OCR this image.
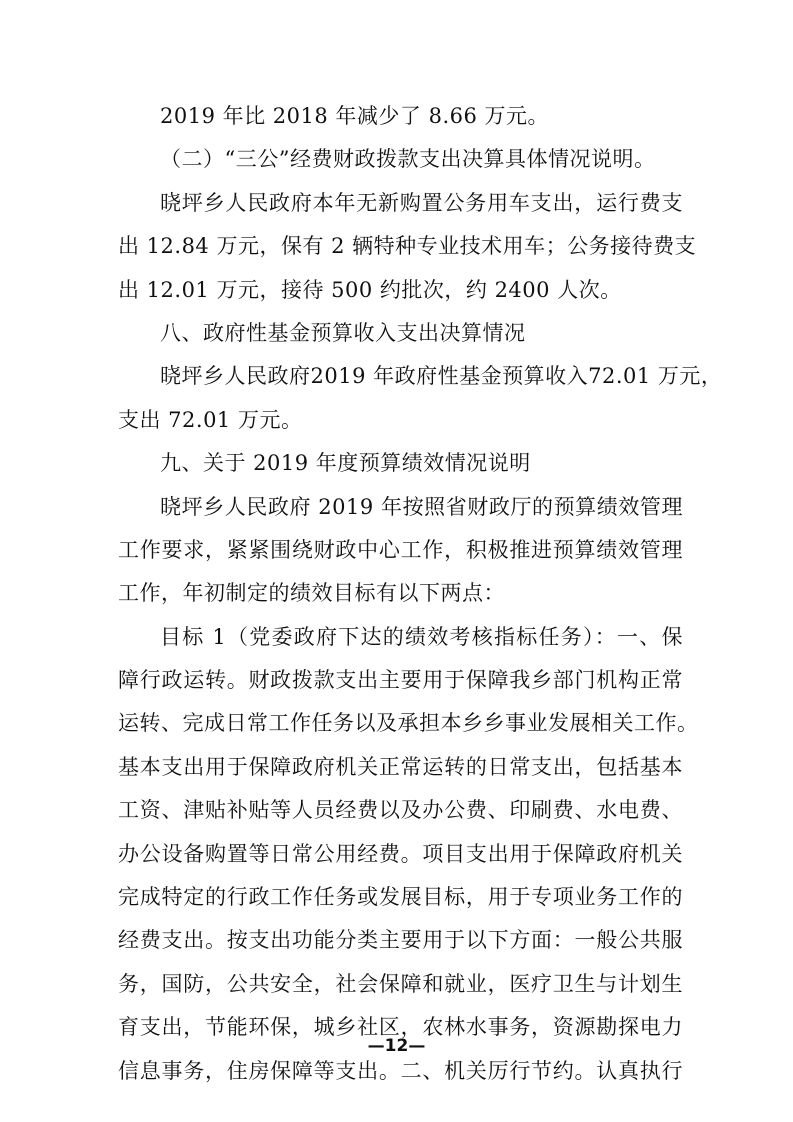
2019 年比 2018 年减少了 8.66 万元。
（二）“三公”经费财政拨款支出决算具体情况说明。
晓坪乡人民政府本年无新购置公务用车支出，运行费支
出 12.84 万元，保有 2 辆特种专业技术用车；公务接待费支
出 12.01 万元，接待 500 约批次，约 2400 人次。
八、政府性基金预算收入支出决算情况
晓坪乡人民政府2019 年政府性基金预算收入72.01 万元，
支出 72.01 万元。
九、关于 2019 年度预算绩效情况说明
晓坪乡人民政府 2019 年按照省财政厅的预算绩效管理
工作要求，紧紧围绕财政中心工作，积极推进预算绩效管理
工作，年初制定的绩效目标有以下两点：
目标 1（党委政府下达的绩效考核指标任务）：一、保
障行政运转。财政拨款支出主要用于保障我乡部门机构正常
运转、完成日常工作任务以及承担本乡乡事业发展相关工作。
基本支出用于保障政府机关正常运转的日常支出，包括基本
工资、津贴补贴等人员经费以及办公费、印刷费、水电费、
办公设备购置等日常公用经费。项目支出用于保障政府机关
完成特定的行政工作任务或发展目标，用于专项业务工作的
经费支出。按支出功能分类主要用于以下方面：一般公共服
务，国防，公共安全，社会保障和就业，医疗卫生与计划生
育支出，节能环保，城乡社区，农林水事务，资源勘探电力
信息事务，住房保障等支出。二、机关厉行节约。认真执行
—12—
